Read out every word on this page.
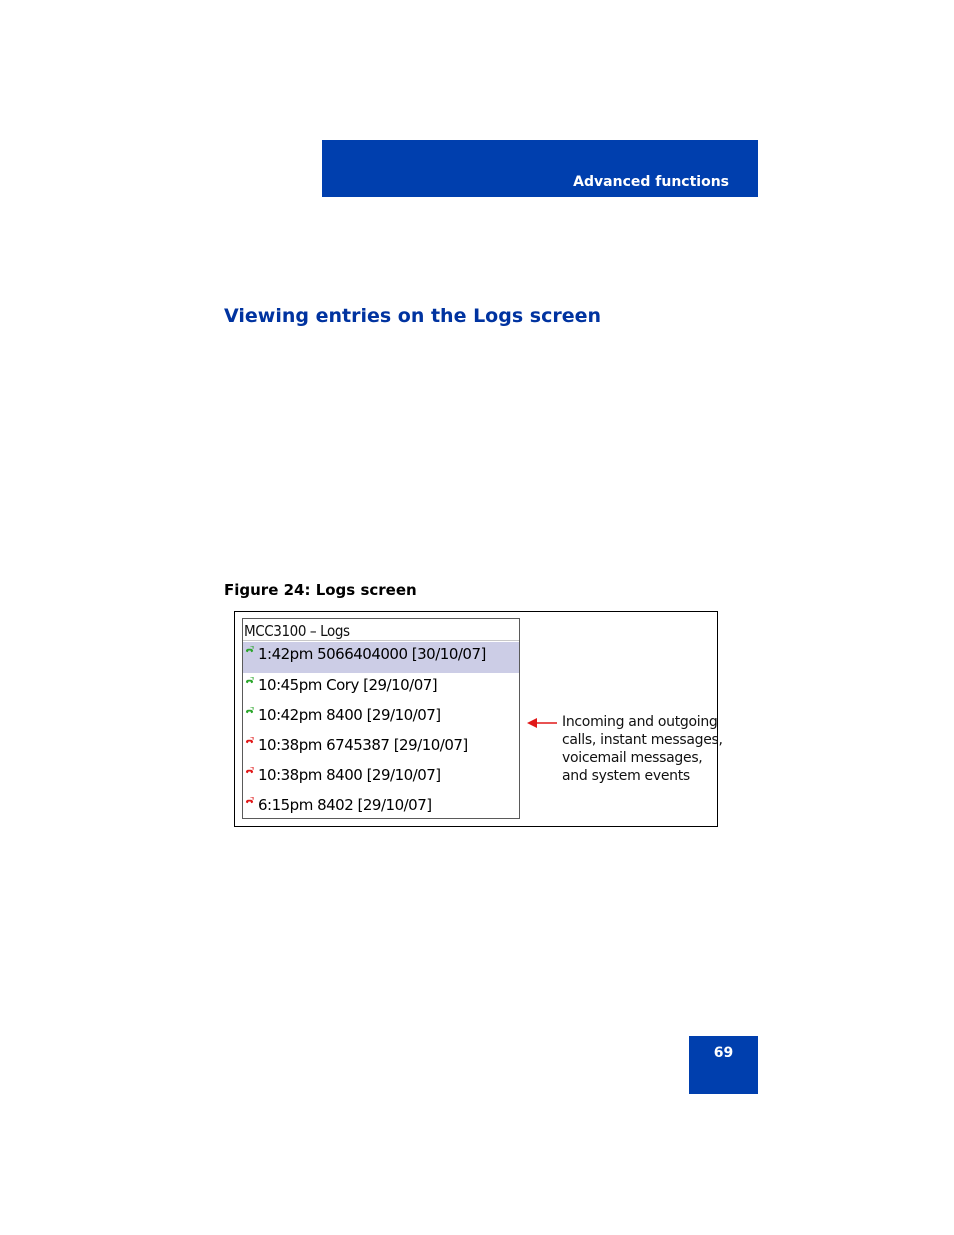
Advanced functions
Viewing entries on the Logs screen
Figure 24: Logs screen
MCC3100 – Logs
1:42pm 5066404000 [30/10/07]
10:45pm Cory [29/10/07]
10:42pm 8400 [29/10/07]
10:38pm 6745387 [29/10/07]
10:38pm 8400 [29/10/07]
6:15pm 8402 [29/10/07]
Incoming and outgoing
calls, instant messages,
voicemail messages,
and system events
69
